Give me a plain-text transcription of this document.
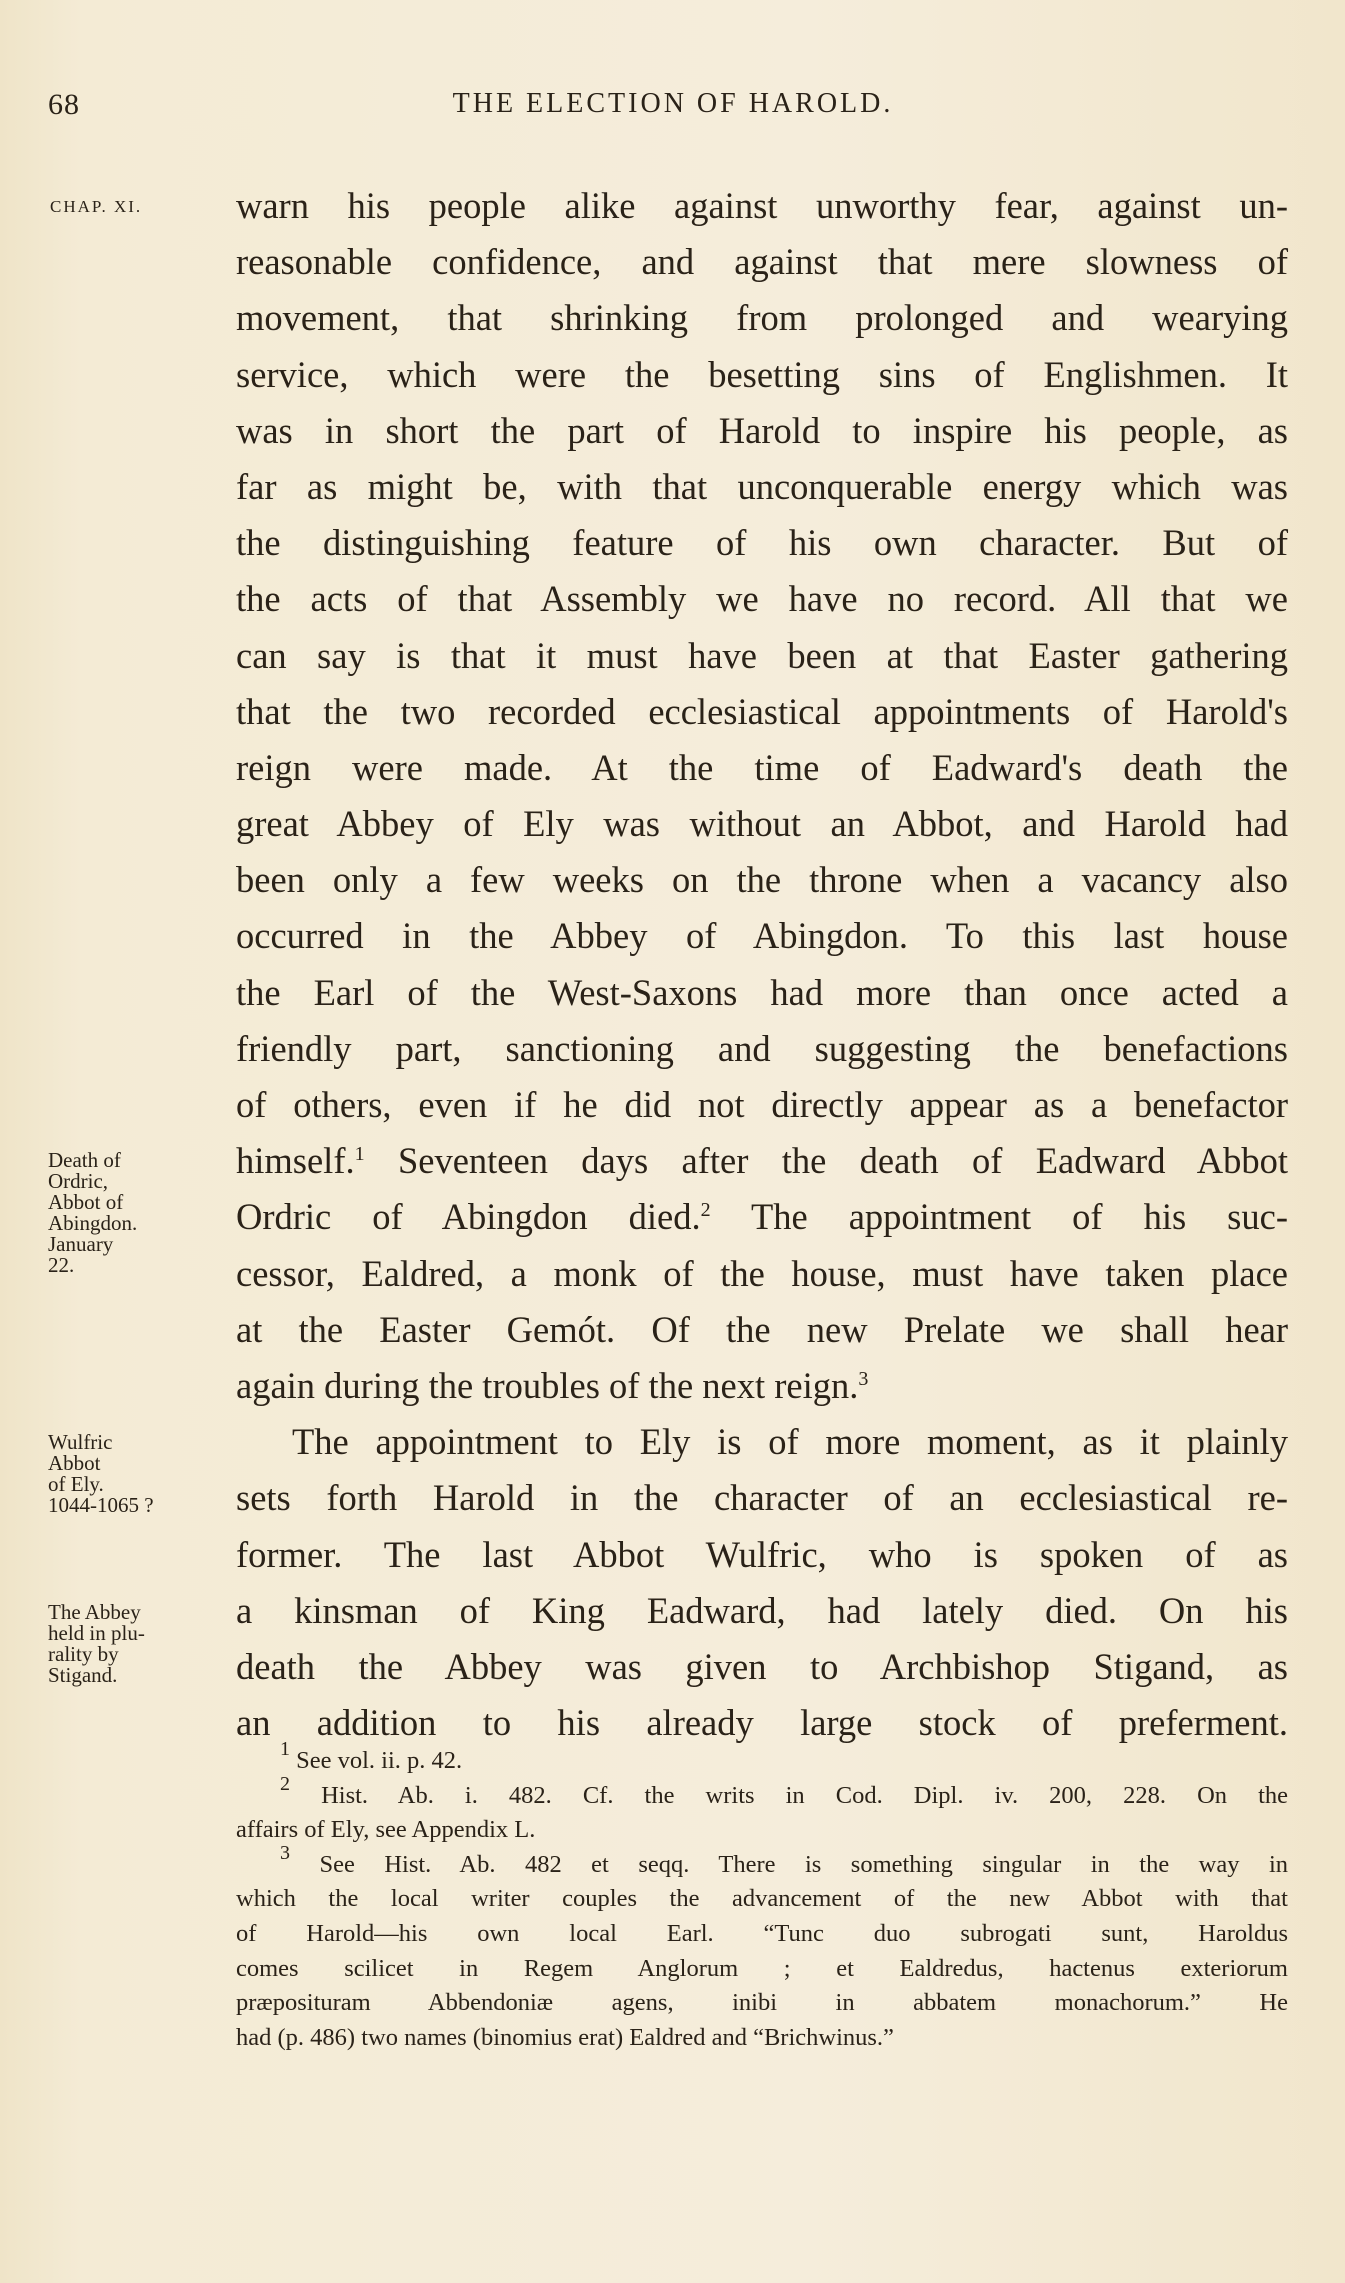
68	THE ELECTION OF HAROLD.
CHAP. XI.	warn his people alike against unworthy fear, against un-
reasonable confidence, and against that mere slowness of
movement, that shrinking from prolonged and wearying
service, which were the besetting sins of Englishmen. It
was in short the part of Harold to inspire his people, as
far as might be, with that unconquerable energy which was
the distinguishing feature of his own character. But of
the acts of that Assembly we have no record. All that we
can say is that it must have been at that Easter gathering
that the two recorded ecclesiastical appointments of Harold's
reign were made. At the time of Eadward's death the
great Abbey of Ely was without an Abbot, and Harold had
been only a few weeks on the throne when a vacancy also
occurred in the Abbey of Abingdon. To this last house
the Earl of the West-Saxons had more than once acted a
friendly part, sanctioning and suggesting the benefactions
of others, even if he did not directly appear as a benefactor
himself.$^1$ Seventeen days after the death of Eadward Abbot
Ordric of Abingdon died.$^2$ The appointment of his suc-
cessor, Ealdred, a monk of the house, must have taken place
at the Easter Gemót. Of the new Prelate we shall hear
again during the troubles of the next reign.$^3$
The appointment to Ely is of more moment, as it plainly
sets forth Harold in the character of an ecclesiastical re-
former. The last Abbot Wulfric, who is spoken of as
a kinsman of King Eadward, had lately died. On his
death the Abbey was given to Archbishop Stigand, as
an addition to his already large stock of preferment.
Death of
Ordric,
Abbot of
Abingdon.
January
22.
Wulfric
Abbot
of Ely.
1044-1065 ?
The Abbey
held in plu-
rality by
Stigand.
$^1$ See vol. ii. p. 42.
$^2$ Hist. Ab. i. 482. Cf. the writs in Cod. Dipl. iv. 200, 228. On the
affairs of Ely, see Appendix L.
$^3$ See Hist. Ab. 482 et seqq. There is something singular in the way in
which the local writer couples the advancement of the new Abbot with that
of Harold—his own local Earl. “Tunc duo subrogati sunt, Haroldus
comes scilicet in Regem Anglorum ; et Ealdredus, hactenus exteriorum
præposituram Abbendoniæ agens, inibi in abbatem monachorum.” He
had (p. 486) two names (binomius erat) Ealdred and “Brichwinus.”
